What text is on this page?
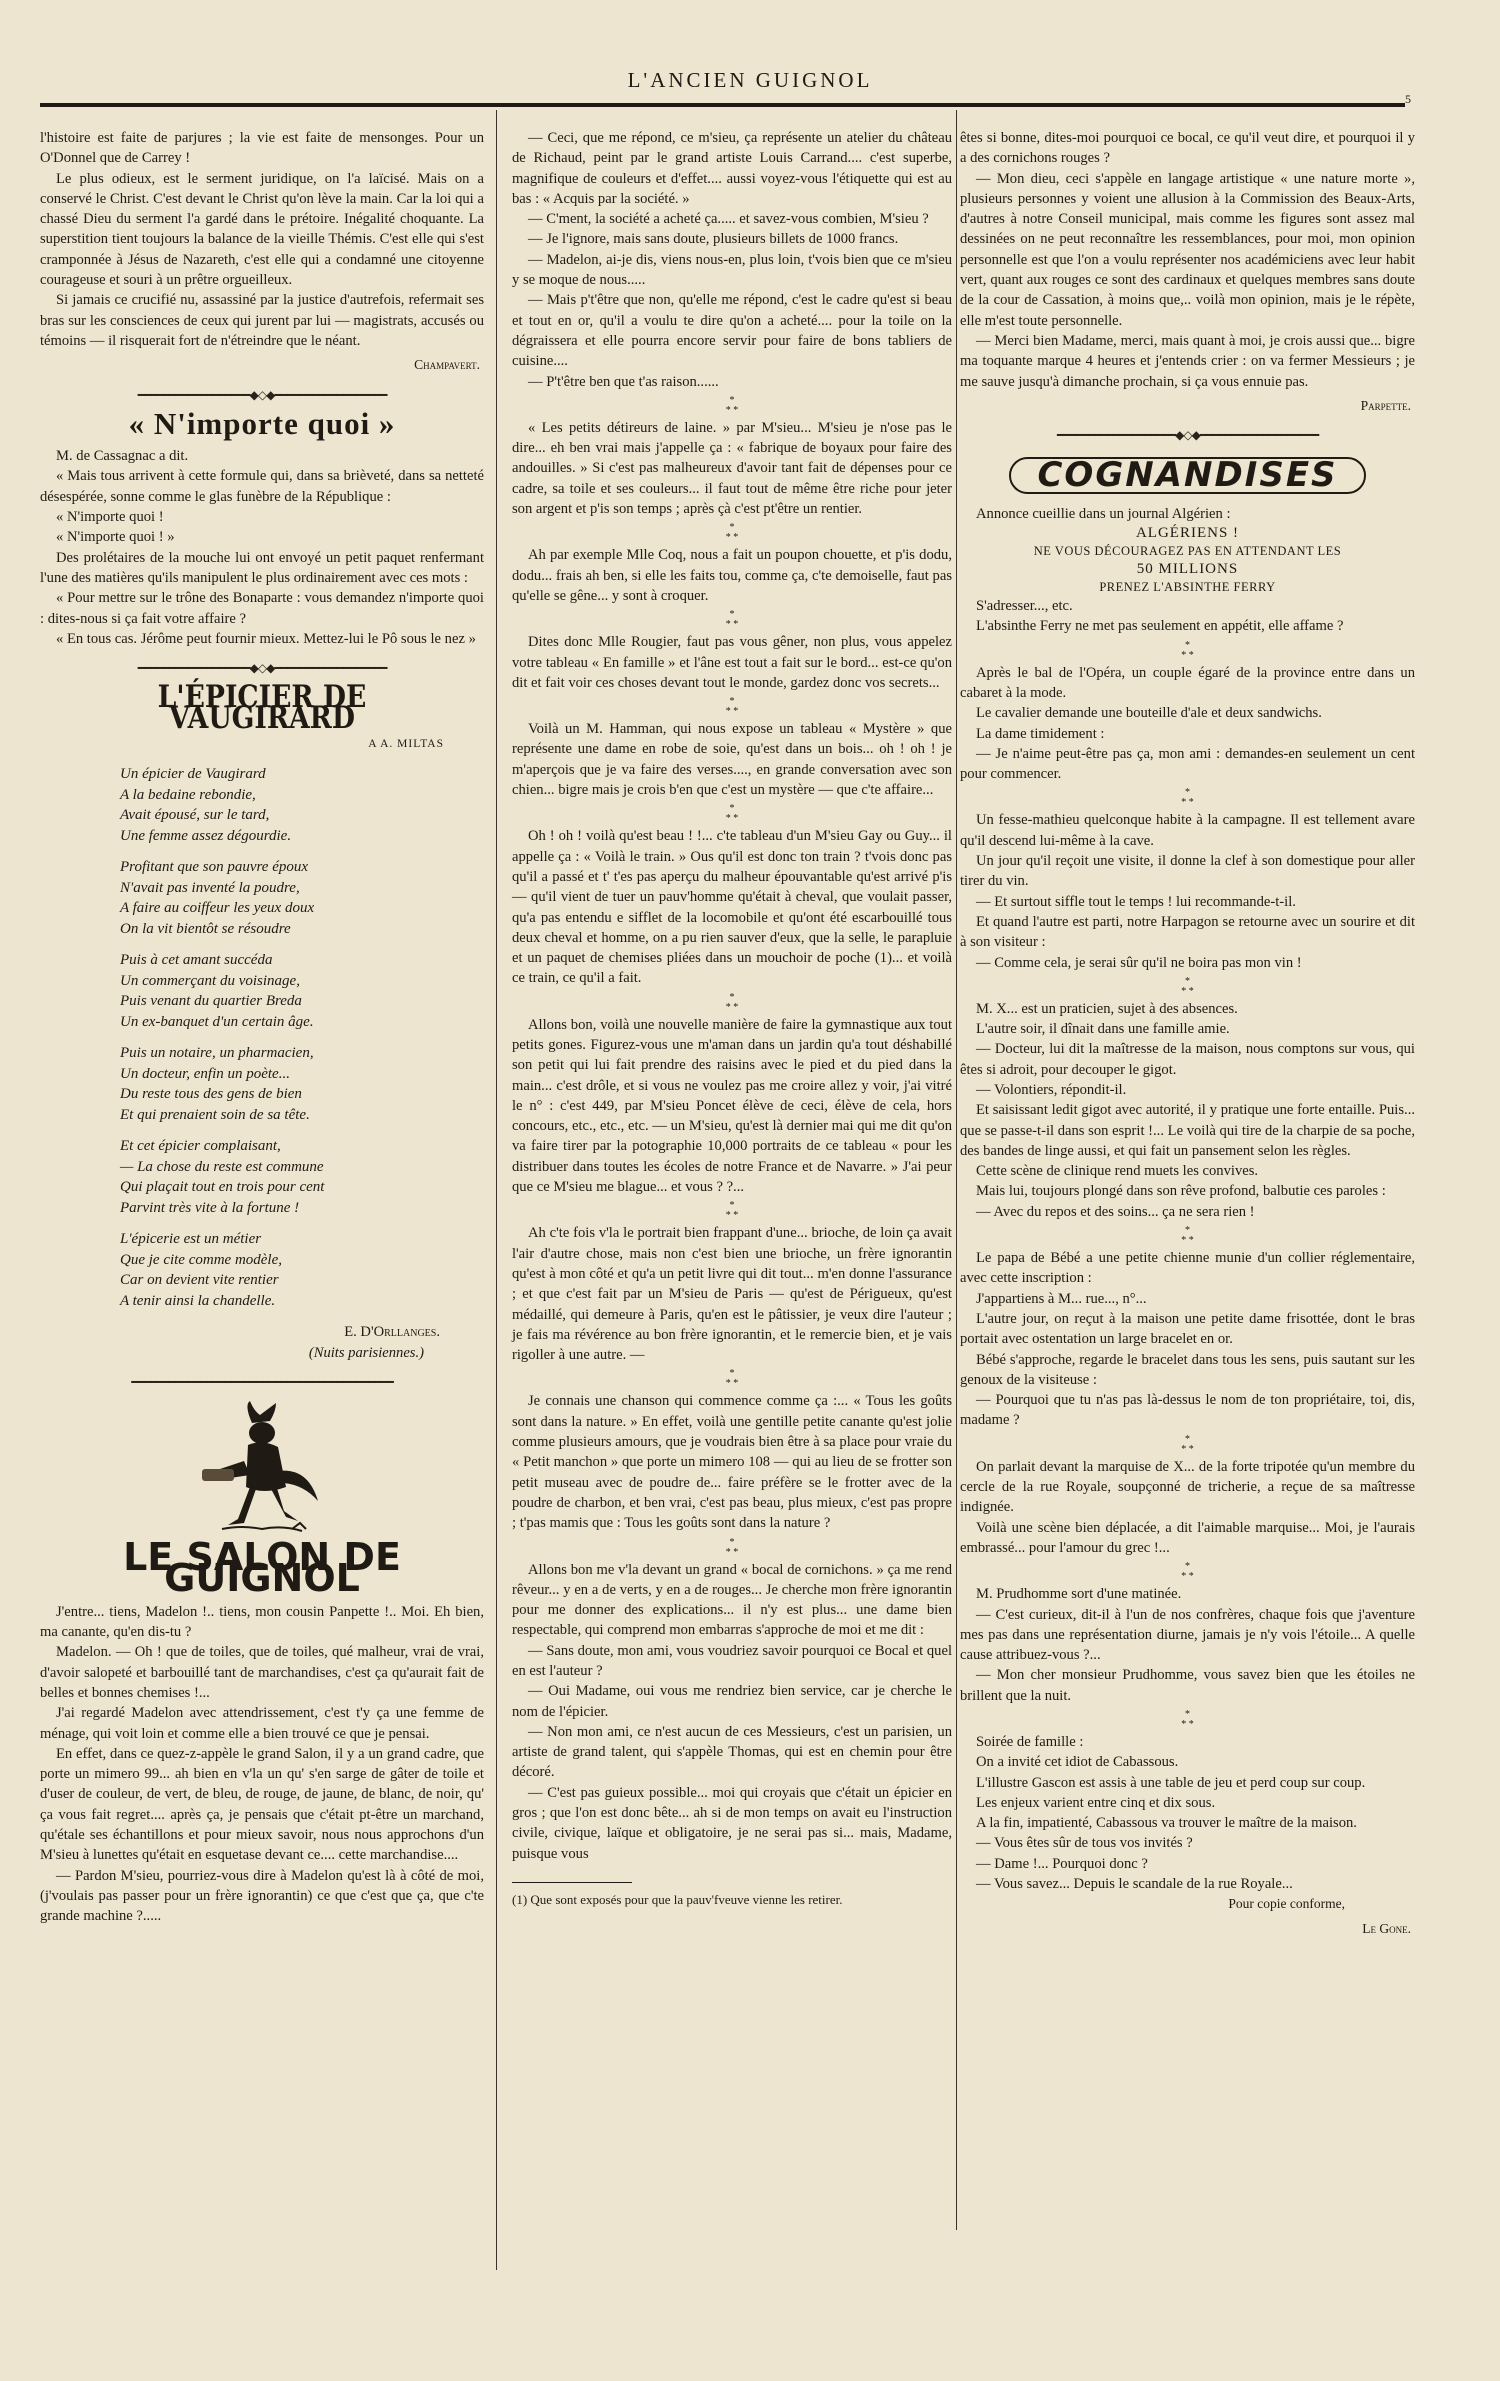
L'ANCIEN GUIGNOL
5

l'histoire est faite de parjures ; la vie est faite de mensonges. Pour un O'Donnel que de Carrey !

Le plus odieux, est le serment juridique, on l'a laïcisé. Mais on a conservé le Christ. C'est devant le Christ qu'on lève la main. Car la loi qui a chassé Dieu du serment l'a gardé dans le prétoire. Inégalité choquante. La superstition tient toujours la balance de la vieille Thémis. C'est elle qui s'est cramponnée à Jésus de Nazareth, c'est elle qui a condamné une citoyenne courageuse et souri à un prêtre orgueilleux.

Si jamais ce crucifié nu, assassiné par la justice d'autrefois, refermait ses bras sur les consciences de ceux qui jurent par lui — magistrats, accusés ou témoins — il risquerait fort de n'étreindre que le néant.

Champavert.
━━━━━━━━━━━━━━━━━━◆◇◆━━━━━━━━━━━━━━━━━━
« N'importe quoi »

M. de Cassagnac a dit.

« Mais tous arrivent à cette formule qui, dans sa brièveté, dans sa netteté désespérée, sonne comme le glas funèbre de la République :

« N'importe quoi !

« N'importe quoi ! »

Des prolétaires de la mouche lui ont envoyé un petit paquet renfermant l'une des matières qu'ils manipulent le plus ordinairement avec ces mots :

« Pour mettre sur le trône des Bonaparte : vous demandez n'importe quoi : dites-nous si ça fait votre affaire ?

« En tous cas. Jérôme peut fournir mieux. Mettez-lui le Pô sous le nez »

━━━━━━━━━━━━━━━━━━◆◇◆━━━━━━━━━━━━━━━━━━
L'ÉPICIER DE VAUGIRARD
A A. MILTAS
Un épicier de Vaugirard
A la bedaine rebondie,
Avait épousé, sur le tard,
Une femme assez dégourdie.
Profitant que son pauvre époux
N'avait pas inventé la poudre,
A faire au coiffeur les yeux doux
On la vit bientôt se résoudre
Puis à cet amant succéda
Un commerçant du voisinage,
Puis venant du quartier Breda
Un ex-banquet d'un certain âge.
Puis un notaire, un pharmacien,
Un docteur, enfin un poète...
Du reste tous des gens de bien
Et qui prenaient soin de sa tête.
Et cet épicier complaisant,
— La chose du reste est commune
Qui plaçait tout en trois pour cent
Parvint très vite à la fortune !
L'épicerie est un métier
Que je cite comme modèle,
Car on devient vite rentier
A tenir ainsi la chandelle.
E. D'Orllanges.
(Nuits parisiennes.)
━━━━━━━━━━━━━━━━━━━━━━━━━━━━━━━━━━━━━━━━━━
LE SALON DE GUIGNOL

J'entre... tiens, Madelon !.. tiens, mon cousin Panpette !.. Moi. Eh bien, ma canante, qu'en dis-tu ?

Madelon. — Oh ! que de toiles, que de toiles, qué malheur, vrai de vrai, d'avoir salopeté et barbouillé tant de marchandises, c'est ça qu'aurait fait de belles et bonnes chemises !...

J'ai regardé Madelon avec attendrissement, c'est t'y ça une femme de ménage, qui voit loin et comme elle a bien trouvé ce que je pensai.

En effet, dans ce quez-z-appèle le grand Salon, il y a un grand cadre, que porte un mimero 99... ah bien en v'la un qu' s'en sarge de gâter de toile et d'user de couleur, de vert, de bleu, de rouge, de jaune, de blanc, de noir, qu' ça vous fait regret.... après ça, je pensais que c'était pt-être un marchand, qu'étale ses échantillons et pour mieux savoir, nous nous approchons d'un M'sieu à lunettes qu'était en esquetase devant ce.... cette marchandise....

— Pardon M'sieu, pourriez-vous dire à Madelon qu'est là à côté de moi, (j'voulais pas passer pour un frère ignorantin) ce que c'est que ça, que c'te grande machine ?.....

— Ceci, que me répond, ce m'sieu, ça représente un atelier du château de Richaud, peint par le grand artiste Louis Carrand.... c'est superbe, magnifique de couleurs et d'effet.... aussi voyez-vous l'étiquette qui est au bas : « Acquis par la société. »

— C'ment, la société a acheté ça..... et savez-vous combien, M'sieu ?

— Je l'ignore, mais sans doute, plusieurs billets de 1000 francs.

— Madelon, ai-je dis, viens nous-en, plus loin, t'vois bien que ce m'sieu y se moque de nous.....

— Mais p't'être que non, qu'elle me répond, c'est le cadre qu'est si beau et tout en or, qu'il a voulu te dire qu'on a acheté.... pour la toile on la dégraissera et elle pourra encore servir pour faire de bons tabliers de cuisine....

— P't'être ben que t'as raison......

*
* *

« Les petits détireurs de laine. » par M'sieu... M'sieu je n'ose pas le dire... eh ben vrai mais j'appelle ça : « fabrique de boyaux pour faire des andouilles. » Si c'est pas malheureux d'avoir tant fait de dépenses pour ce cadre, sa toile et ses couleurs... il faut tout de même être riche pour jeter son argent et p'is son temps ; après çà c'est pt'être un rentier.

*
* *

Ah par exemple Mlle Coq, nous a fait un poupon chouette, et p'is dodu, dodu... frais ah ben, si elle les faits tou, comme ça, c'te demoiselle, faut pas qu'elle se gêne... y sont à croquer.

*
* *

Dites donc Mlle Rougier, faut pas vous gêner, non plus, vous appelez votre tableau « En famille » et l'âne est tout a fait sur le bord... est-ce qu'on dit et fait voir ces choses devant tout le monde, gardez donc vos secrets...

*
* *

Voilà un M. Hamman, qui nous expose un tableau « Mystère » que représente une dame en robe de soie, qu'est dans un bois... oh ! oh ! je m'aperçois que je va faire des verses...., en grande conversation avec son chien... bigre mais je crois b'en que c'est un mystère — que c'te affaire...

*
* *

Oh ! oh ! voilà qu'est beau ! !... c'te tableau d'un M'sieu Gay ou Guy... il appelle ça : « Voilà le train. » Ous qu'il est donc ton train ? t'vois donc pas qu'il a passé et t' t'es pas aperçu du malheur épouvantable qu'est arrivé p'is — qu'il vient de tuer un pauv'homme qu'était à cheval, que voulait passer, qu'a pas entendu e sifflet de la locomobile et qu'ont été escarbouillé tous deux cheval et homme, on a pu rien sauver d'eux, que la selle, le parapluie et un paquet de chemises pliées dans un mouchoir de poche (1)... et voilà ce train, ce qu'il a fait.

*
* *

Allons bon, voilà une nouvelle manière de faire la gymnastique aux tout petits gones. Figurez-vous une m'aman dans un jardin qu'a tout déshabillé son petit qui lui fait prendre des raisins avec le pied et du pied dans la main... c'est drôle, et si vous ne voulez pas me croire allez y voir, j'ai vitré le n° : c'est 449, par M'sieu Poncet élève de ceci, élève de cela, hors concours, etc., etc., etc. — un M'sieu, qu'est là dernier mai qui me dit qu'on va faire tirer par la potographie 10,000 portraits de ce tableau « pour les distribuer dans toutes les écoles de notre France et de Navarre. » J'ai peur que ce M'sieu me blague... et vous ? ?...

*
* *

Ah c'te fois v'la le portrait bien frappant d'une... brioche, de loin ça avait l'air d'autre chose, mais non c'est bien une brioche, un frère ignorantin qu'est à mon côté et qu'a un petit livre qui dit tout... m'en donne l'assurance ; et que c'est fait par un M'sieu de Paris — qu'est de Périgueux, qu'est médaillé, qui demeure à Paris, qu'en est le pâtissier, je veux dire l'auteur ; je fais ma révérence au bon frère ignorantin, et le remercie bien, et je vais rigoller à une autre. —

*
* *

Je connais une chanson qui commence comme ça :... « Tous les goûts sont dans la nature. » En effet, voilà une gentille petite canante qu'est jolie comme plusieurs amours, que je voudrais bien être à sa place pour vraie du « Petit manchon » que porte un mimero 108 — qui au lieu de se frotter son petit museau avec de poudre de... faire préfère se le frotter avec de la poudre de charbon, et ben vrai, c'est pas beau, plus mieux, c'est pas propre ; t'pas mamis que : Tous les goûts sont dans la nature ?

*
* *

Allons bon me v'la devant un grand « bocal de cornichons. » ça me rend rêveur... y en a de verts, y en a de rouges... Je cherche mon frère ignorantin pour me donner des explications... il n'y est plus... une dame bien respectable, qui comprend mon embarras s'approche de moi et me dit :

— Sans doute, mon ami, vous voudriez savoir pourquoi ce Bocal et quel en est l'auteur ?

— Oui Madame, oui vous me rendriez bien service, car je cherche le nom de l'épicier.

— Non mon ami, ce n'est aucun de ces Messieurs, c'est un parisien, un artiste de grand talent, qui s'appèle Thomas, qui est en chemin pour être décoré.

— C'est pas guieux possible... moi qui croyais que c'était un épicier en gros ; que l'on est donc bête... ah si de mon temps on avait eu l'instruction civile, civique, laïque et obligatoire, je ne serai pas si... mais, Madame, puisque vous

(1) Que sont exposés pour que la pauv'fveuve vienne les retirer.

êtes si bonne, dites-moi pourquoi ce bocal, ce qu'il veut dire, et pourquoi il y a des cornichons rouges ?

— Mon dieu, ceci s'appèle en langage artistique « une nature morte », plusieurs personnes y voient une allusion à la Commission des Beaux-Arts, d'autres à notre Conseil municipal, mais comme les figures sont assez mal dessinées on ne peut reconnaître les ressemblances, pour moi, mon opinion personnelle est que l'on a voulu représenter nos académiciens avec leur habit vert, quant aux rouges ce sont des cardinaux et quelques membres sans doute de la cour de Cassation, à moins que,.. voilà mon opinion, mais je le répète, elle m'est toute personnelle.

— Merci bien Madame, merci, mais quant à moi, je crois aussi que... bigre ma toquante marque 4 heures et j'entends crier : on va fermer Messieurs ; je me sauve jusqu'à dimanche prochain, si ça vous ennuie pas.

Parpette.
━━━━━━━━━━━━━━━━━━━◆◇◆━━━━━━━━━━━━━━━━━━━
COGNANDISES

Annonce cueillie dans un journal Algérien :

ALGÉRIENS !
NE VOUS DÉCOURAGEZ PAS EN ATTENDANT LES
50 MILLIONS
PRENEZ L'ABSINTHE FERRY

S'adresser..., etc.

L'absinthe Ferry ne met pas seulement en appétit, elle affame ?

*
* *

Après le bal de l'Opéra, un couple égaré de la province entre dans un cabaret à la mode.

Le cavalier demande une bouteille d'ale et deux sandwichs.

La dame timidement :

— Je n'aime peut-être pas ça, mon ami : demandes-en seulement un cent pour commencer.

*
* *

Un fesse-mathieu quelconque habite à la campagne. Il est tellement avare qu'il descend lui-même à la cave.

Un jour qu'il reçoit une visite, il donne la clef à son domestique pour aller tirer du vin.

— Et surtout siffle tout le temps ! lui recommande-t-il.

Et quand l'autre est parti, notre Harpagon se retourne avec un sourire et dit à son visiteur :

— Comme cela, je serai sûr qu'il ne boira pas mon vin !

*
* *

M. X... est un praticien, sujet à des absences.

L'autre soir, il dînait dans une famille amie.

— Docteur, lui dit la maîtresse de la maison, nous comptons sur vous, qui êtes si adroit, pour decouper le gigot.

— Volontiers, répondit-il.

Et saisissant ledit gigot avec autorité, il y pratique une forte entaille. Puis... que se passe-t-il dans son esprit !... Le voilà qui tire de la charpie de sa poche, des bandes de linge aussi, et qui fait un pansement selon les règles.

Cette scène de clinique rend muets les convives.

Mais lui, toujours plongé dans son rêve profond, balbutie ces paroles :

— Avec du repos et des soins... ça ne sera rien !

*
* *

Le papa de Bébé a une petite chienne munie d'un collier réglementaire, avec cette inscription :

J'appartiens à M... rue..., n°...

L'autre jour, on reçut à la maison une petite dame frisottée, dont le bras portait avec ostentation un large bracelet en or.

Bébé s'approche, regarde le bracelet dans tous les sens, puis sautant sur les genoux de la visiteuse :

— Pourquoi que tu n'as pas là-dessus le nom de ton propriétaire, toi, dis, madame ?

*
* *

On parlait devant la marquise de X... de la forte tripotée qu'un membre du cercle de la rue Royale, soupçonné de tricherie, a reçue de sa maîtresse indignée.

Voilà une scène bien déplacée, a dit l'aimable marquise... Moi, je l'aurais embrassé... pour l'amour du grec !...

*
* *

M. Prudhomme sort d'une matinée.

— C'est curieux, dit-il à l'un de nos confrères, chaque fois que j'aventure mes pas dans une représentation diurne, jamais je n'y vois l'étoile... A quelle cause attribuez-vous ?...

— Mon cher monsieur Prudhomme, vous savez bien que les étoiles ne brillent que la nuit.

*
* *

Soirée de famille :

On a invité cet idiot de Cabassous.

L'illustre Gascon est assis à une table de jeu et perd coup sur coup.

Les enjeux varient entre cinq et dix sous.

A la fin, impatienté, Cabassous va trouver le maître de la maison.

— Vous êtes sûr de tous vos invités ?

— Dame !... Pourquoi donc ?

— Vous savez... Depuis le scandale de la rue Royale...

Pour copie conforme,
Le Gone.
